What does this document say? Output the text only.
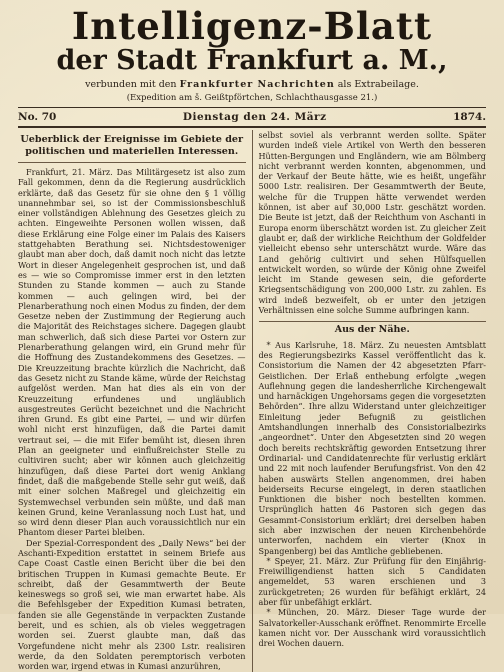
Intelligenz-Blatt
der Stadt Frankfurt a. M.,
verbunden mit den Frankfurter Nachrichten als Extrabeilage.
(Expedition am š. Geißtpförtchen, Schlachthausgasse 21.)
No. 70	Dienstag den 24. März	1874.
Ueberblick der Ereignisse im Gebiete der politischen und materiellen Interessen.

Frankfurt, 21. März. Das Militärgesetz ist also zum Fall gekommen, denn da die Regierung ausdrücklich erklärte, daß das Gesetz für sie ohne den § 1 völlig unannehmbar sei, so ist der Commissionsbeschluß einer vollständigen Ablehnung des Gesetzes gleich zu achten. Eingeweihte Personen wollen wissen, daß diese Erklärung eine Folge einer im Palais des Kaisers stattgehabten Berathung sei. Nichtsdestoweniger glaubt man aber doch, daß damit noch nicht das letzte Wort in dieser Angelegenheit gesprochen ist, und daß es — wie so Compromisse immer erst in den letzten Stunden zu Stande kommen — auch zu Stande kommen — auch gelingen wird, bei der Plenarberathung noch einen Modus zu finden, der dem Gesetze neben der Zustimmung der Regierung auch die Majorität des Reichstages sichere. Dagegen glaubt man schwerlich, daß sich diese Partei vor Ostern zur Plenarberathung gelangen wird, ein Grund mehr für die Hoffnung des Zustandekommens des Gesetzes. — Die Kreuzzeitung brachte kürzlich die Nachricht, daß das Gesetz nicht zu Stande käme, würde der Reichstag aufgelöst werden. Man hat dies als ein von der Kreuzzeitung erfundenes und ungläublich ausgestreutes Gerücht bezeichnet und die Nachricht ihren Grund. Es gibt eine Partei, — und wir dürfen wohl nicht erst hinzufügen, daß die Partei damit vertraut sei, — die mit Eifer bemüht ist, diesen ihren Plan an geeigneter und einflußreichster Stelle zu cultiviren sucht; aber wir können auch gleichzeitig hinzufügen, daß diese Partei dort wenig Anklang findet, daß die maßgebende Stelle sehr gut weiß, daß mit einer solchen Maßregel und gleichzeitig ein Systemwechsel verbunden sein müßte, und daß man keinen Grund, keine Veranlassung noch Lust hat, und so wird denn dieser Plan auch voraussichtlich nur ein Phantom dieser Partei bleiben.

Der Spezial-Correspondent des „Daily News“ bei der Aschanti-Expedition erstattet in seinem Briefe aus Cape Coast Castle einen Bericht über die bei den britischen Truppen in Kumasi gemachte Beute. Er schreibt, daß der Gesammtwerth der Beute keineswegs so groß sei, wie man erwartet habe. Als die Befehlsgeber der Expedition Kumasi betraten, fanden sie alle Gegenstände in verpackten Zustande bereit, und es schien, als ob vieles weggetragen worden sei. Zuerst glaubte man, daß das Vorgefundene nicht mehr als 2300 Lstr. realisiren werde, da den Soldaten peremptorisch verboten worden war, irgend etwas in Kumasi anzurühren,

selbst soviel als verbrannt werden sollte. Später wurden indeß viele Artikel von Werth den besseren Hütten-Bergungen und Engländern, wie am Bölmberg nicht verbrannt werden konnten, abgenommen, und der Verkauf der Beute hätte, wie es heißt, ungefähr 5000 Lstr. realisiren. Der Gesammtwerth der Beute, welche für die Truppen hätte verwendet werden können, ist aber auf 30,000 Lstr. geschätzt worden. Die Beute ist jetzt, daß der Reichthum von Aschanti in Europa enorm überschätzt worden ist. Zu gleicher Zeit glaubt er, daß der wirkliche Reichthum der Goldfelder vielleicht ebenso sehr unterschätzt wurde. Wäre das Land gehörig cultivirt und sehen Hülfsquellen entwickelt worden, so würde der König ohne Zweifel leicht im Stande gewesen sein, die geforderte Kriegsentschädigung von 200,000 Lstr. zu zahlen. Es wird indeß bezweifelt, ob er unter den jetzigen Verhältnissen eine solche Summe aufbringen kann.

Aus der Nähe.

* Aus Karlsruhe, 18. März. Zu neuesten Amtsblatt des Regierungsbezirks Kassel veröffentlicht das k. Consistorium die Namen der 42 abgesetzten Pfarr-Geistlichen. Der Erlaß enthebung erfolgte „wegen Auflehnung gegen die landesherrliche Kirchengewalt und harnäckigen Ungehorsams gegen die vorgesetzten Behörden“. Ihre allzu Widerstand unter gleichzeitiger Einleitung jeder Befugniß zu geistlichen Amtshandlungen innerhalb des Consistorialbezirks „angeordnet“. Unter den Abgesetzten sind 20 wegen doch bereits rechtskräftig geworden Entsetzung ihrer Ordinarial- und Candidatenrechte für verlustig erklärt und 22 mit noch laufender Berufungsfrist. Von den 42 haben auswärts Stellen angenommen, drei haben beiderseits Recurse eingelegt, in deren staatlichen Funktionen die bisher noch bestellten kommen. Ursprünglich hatten 46 Pastoren sich gegen das Gesammt-Consistorium erklärt; drei derselben haben sich aber inzwischen der neuen Kirchenbehörde unterworfen, nachdem ein vierter (Knox in Spangenberg) bei das Amtliche gebliebenen.

* Speyer, 21. März. Zur Prüfung für den Einjährig-Freiwilligendienst hatten sich 5 Candidaten angemeldet, 53 waren erschienen und 3 zurückgetreten; 26 wurden für befähigt erklärt, 24 aber für unbefähigt erklärt.

* München, 20. März. Dieser Tage wurde der Salvatorkeller-Ausschank eröffnet. Renommirte Ercelle kamen nicht vor. Der Ausschank wird voraussichtlich drei Wochen dauern.
